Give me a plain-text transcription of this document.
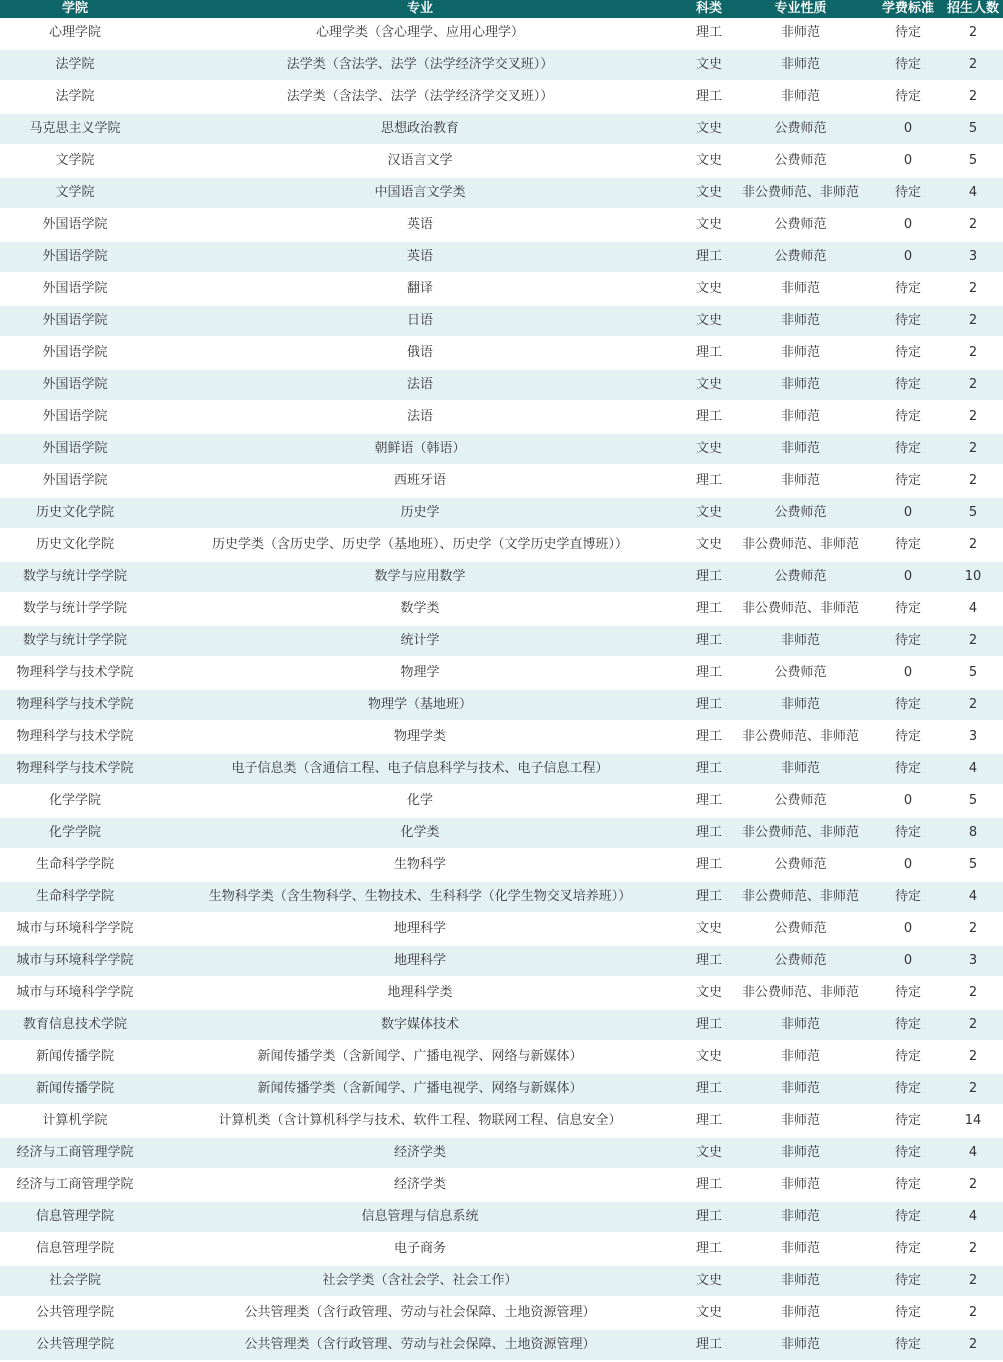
学院	专业	科类	专业性质	学费标准	招生人数
心理学院	心理学类（含心理学、应用心理学）	理工	非师范	待定	2
法学院	法学类（含法学、法学（法学经济学交叉班））	文史	非师范	待定	2
法学院	法学类（含法学、法学（法学经济学交叉班））	理工	非师范	待定	2
马克思主义学院	思想政治教育	文史	公费师范	0	5
文学院	汉语言文学	文史	公费师范	0	5
文学院	中国语言文学类	文史	非公费师范、非师范	待定	4
外国语学院	英语	文史	公费师范	0	2
外国语学院	英语	理工	公费师范	0	3
外国语学院	翻译	文史	非师范	待定	2
外国语学院	日语	文史	非师范	待定	2
外国语学院	俄语	理工	非师范	待定	2
外国语学院	法语	文史	非师范	待定	2
外国语学院	法语	理工	非师范	待定	2
外国语学院	朝鲜语（韩语）	文史	非师范	待定	2
外国语学院	西班牙语	理工	非师范	待定	2
历史文化学院	历史学	文史	公费师范	0	5
历史文化学院	历史学类（含历史学、历史学（基地班）、历史学（文学历史学直博班））	文史	非公费师范、非师范	待定	2
数学与统计学学院	数学与应用数学	理工	公费师范	0	10
数学与统计学学院	数学类	理工	非公费师范、非师范	待定	4
数学与统计学学院	统计学	理工	非师范	待定	2
物理科学与技术学院	物理学	理工	公费师范	0	5
物理科学与技术学院	物理学（基地班）	理工	非师范	待定	2
物理科学与技术学院	物理学类	理工	非公费师范、非师范	待定	3
物理科学与技术学院	电子信息类（含通信工程、电子信息科学与技术、电子信息工程）	理工	非师范	待定	4
化学学院	化学	理工	公费师范	0	5
化学学院	化学类	理工	非公费师范、非师范	待定	8
生命科学学院	生物科学	理工	公费师范	0	5
生命科学学院	生物科学类（含生物科学、生物技术、生科科学（化学生物交叉培养班））	理工	非公费师范、非师范	待定	4
城市与环境科学学院	地理科学	文史	公费师范	0	2
城市与环境科学学院	地理科学	理工	公费师范	0	3
城市与环境科学学院	地理科学类	文史	非公费师范、非师范	待定	2
教育信息技术学院	数字媒体技术	理工	非师范	待定	2
新闻传播学院	新闻传播学类（含新闻学、广播电视学、网络与新媒体）	文史	非师范	待定	2
新闻传播学院	新闻传播学类（含新闻学、广播电视学、网络与新媒体）	理工	非师范	待定	2
计算机学院	计算机类（含计算机科学与技术、软件工程、物联网工程、信息安全）	理工	非师范	待定	14
经济与工商管理学院	经济学类	文史	非师范	待定	4
经济与工商管理学院	经济学类	理工	非师范	待定	2
信息管理学院	信息管理与信息系统	理工	非师范	待定	4
信息管理学院	电子商务	理工	非师范	待定	2
社会学院	社会学类（含社会学、社会工作）	文史	非师范	待定	2
公共管理学院	公共管理类（含行政管理、劳动与社会保障、土地资源管理）	文史	非师范	待定	2
公共管理学院	公共管理类（含行政管理、劳动与社会保障、土地资源管理）	理工	非师范	待定	2
